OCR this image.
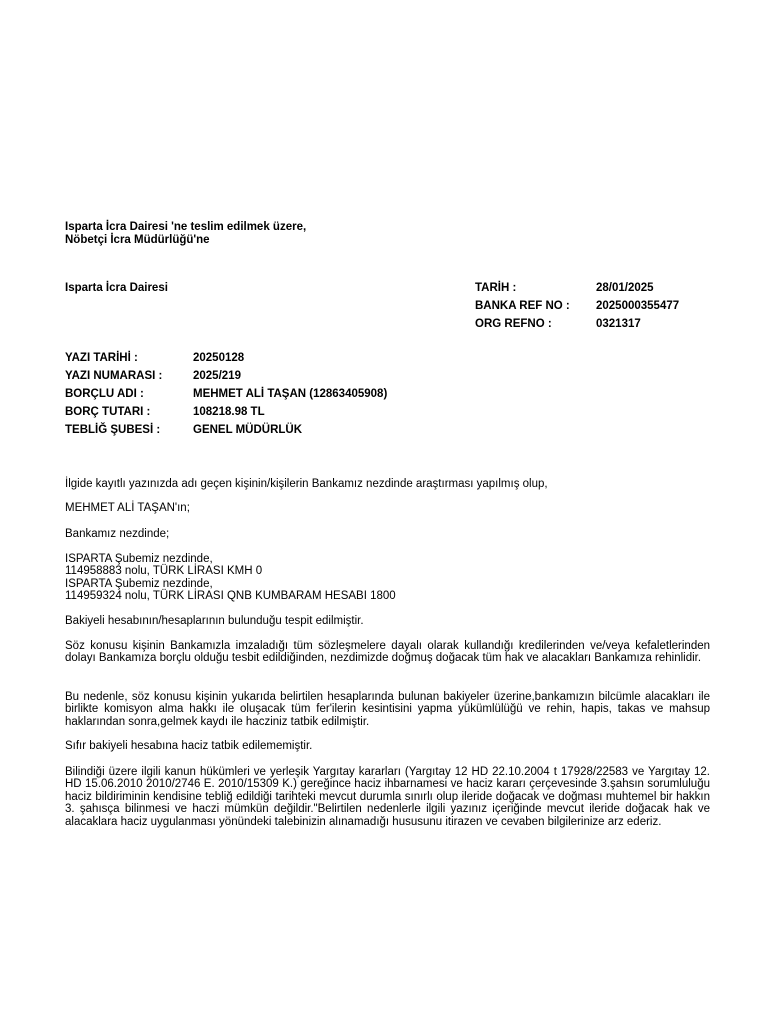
Isparta İcra Dairesi 'ne teslim edilmek üzere,
Nöbetçi İcra Müdürlüğü'ne
Isparta İcra Dairesi	TARİH :	28/01/2025
BANKA REF NO : 2025000355477
ORG REFNO :	0321317
YAZI TARİHİ :	20250128
YAZI NUMARASI :	2025/219
BORÇLU ADI :	MEHMET ALİ TAŞAN (12863405908)
BORÇ TUTARI :	108218.98 TL
TEBLİĞ ŞUBESİ :	GENEL MÜDÜRLÜK
İlgide kayıtlı yazınızda adı geçen kişinin/kişilerin Bankamız nezdinde araştırması yapılmış olup,
MEHMET ALİ TAŞAN'ın;
Bankamız nezdinde;
ISPARTA Şubemiz nezdinde,
114958883 nolu, TÜRK LİRASI KMH 0
ISPARTA Şubemiz nezdinde,
114959324 nolu, TÜRK LİRASI QNB KUMBARAM HESABI 1800
Bakiyeli hesabının/hesaplarının bulunduğu tespit edilmiştir.
Söz konusu kişinin Bankamızla imzaladığı tüm sözleşmelere dayalı olarak kullandığı kredilerinden ve/veya kefaletlerinden dolayı Bankamıza borçlu olduğu tesbit edildiğinden, nezdimizde doğmuş doğacak tüm hak ve alacakları Bankamıza rehinlidir.
Bu nedenle, söz konusu kişinin yukarıda belirtilen hesaplarında bulunan bakiyeler üzerine,bankamızın bilcümle alacakları ile birlikte komisyon alma hakkı ile oluşacak tüm fer'ilerin kesintisini yapma yükümlülüğü ve rehin, hapis, takas ve mahsup haklarından sonra,gelmek kaydı ile hacziniz tatbik edilmiştir.
Sıfır bakiyeli hesabına haciz tatbik edilememiştir.
Bilindiği üzere ilgili kanun hükümleri ve yerleşik Yargıtay kararları (Yargıtay 12 HD 22.10.2004 t 17928/22583 ve Yargıtay 12. HD 15.06.2010 2010/2746 E. 2010/15309 K.) gereğince haciz ihbarnamesi ve haciz kararı çerçevesinde 3.şahsın sorumluluğu haciz bildiriminin kendisine tebliğ edildiği tarihteki mevcut durumla sınırlı olup ileride doğacak ve doğması muhtemel bir hakkın 3. şahısça bilinmesi ve haczi mümkün değildir."Belirtilen nedenlerle ilgili yazınız içeriğinde mevcut ileride doğacak hak ve alacaklara haciz uygulanması yönündeki talebinizin alınamadığı hususunu itirazen ve cevaben bilgilerinize arz ederiz.
